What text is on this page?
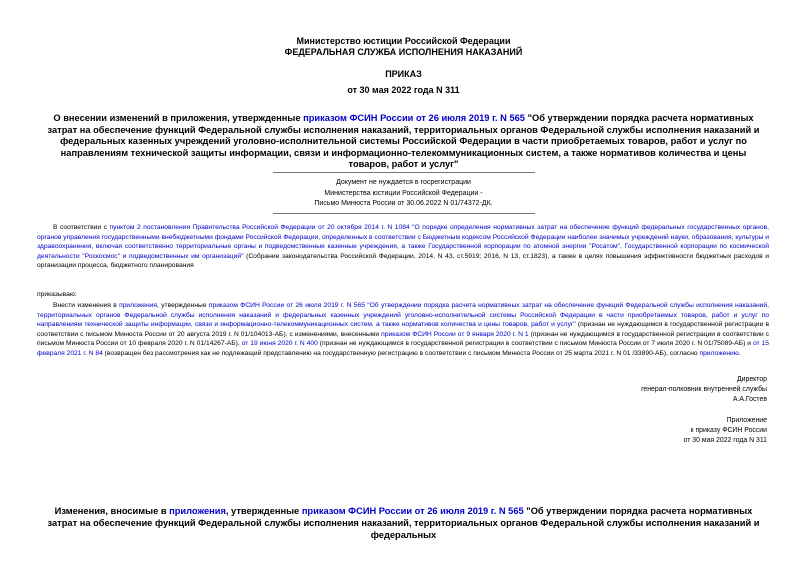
Министерство юстиции Российской Федерации
ФЕДЕРАЛЬНАЯ СЛУЖБА ИСПОЛНЕНИЯ НАКАЗАНИЙ
ПРИКАЗ
от 30 мая 2022 года N 311
О внесении изменений в приложения, утвержденные приказом ФСИН России от 26 июля 2019 г. N 565 "Об утверждении порядка расчета нормативных затрат на обеспечение функций Федеральной службы исполнения наказаний, территориальных органов Федеральной службы исполнения наказаний и федеральных казенных учреждений уголовно-исполнительной системы Российской Федерации в части приобретаемых товаров, работ и услуг по направлениям технической защиты информации, связи и информационно-телекоммуникационных систем, а также нормативов количества и цены товаров, работ и услуг"
Документ не нуждается в госрегистрации
Министерства юстиции Российской Федерации -
Письмо Минюста России от 30.06.2022 N 01/74372-ДК.
В соответствии с пунктом 2 постановления Правительства Российской Федерации от 20 октября 2014 г. N 1084 "О порядке определения нормативных затрат на обеспечение функций федеральных государственных органов, органов управления государственными внебюджетными фондами Российской Федерации, определенных в соответствии с Бюджетным кодексом Российской Федерации наиболее значимых учреждений науки, образования, культуры и здравоохранения, включая соответственно территориальные органы и подведомственные казенные учреждения, а также Государственной корпорации по атомной энергии "Росатом", Государственной корпорации по космической деятельности "Роскосмос" и подведомственных им организаций" (Собрание законодательства Российской Федерации, 2014, N 43, ст.5919; 2016, N 13, ст.1823), а также в целях повышения эффективности бюджетных расходов и организации процесса, бюджетного планирования
приказываю:
Внести изменения в приложения, утвержденные приказом ФСИН России от 26 июля 2019 г. N 565 "Об утверждении порядка расчета нормативных затрат на обеспечение функций Федеральной службы исполнения наказаний, территориальных органов Федеральной службы исполнения наказаний и федеральных казенных учреждений уголовно-исполнительной системы Российской Федерации в части приобретаемых товаров, работ и услуг по направлениям технической защиты информации, связи и информационно-телекоммуникационных систем, а также нормативов количества и цены товаров, работ и услуг" (признан не нуждающимся в государственной регистрации в соответствии с письмом Минюста России от 20 августа 2019 г. N 01/104013-АБ), с изменениями, внесенными приказом ФСИН России от 9 января 2020 г. N 1 (признан не нуждающимся в государственной регистрации в соответствии с письмом Минюста России от 10 февраля 2020 г. N 01/14267-АБ), от 19 июня 2020 г. N 400 (признан не нуждающимся в государственной регистрации в соответствии с письмом Минюста России от 7 июля 2020 г. N 01/75089-АБ) и от 15 февраля 2021 г. N 84 (возвращен без рассмотрения как не подлежащий представлению на государственную регистрацию в соответствии с письмом Минюста России от 25 марта 2021 г. N 01 /33890-АБ), согласно приложению.
Директор
генерал-полковник внутренней службы
А.А.Гостев
Приложение
к приказу ФСИН России
от 30 мая 2022 года N 311
Изменения, вносимые в приложения, утвержденные приказом ФСИН России от 26 июля 2019 г. N 565 "Об утверждении порядка расчета нормативных затрат на обеспечение функций Федеральной службы исполнения наказаний, территориальных органов Федеральной службы исполнения наказаний и федеральных
